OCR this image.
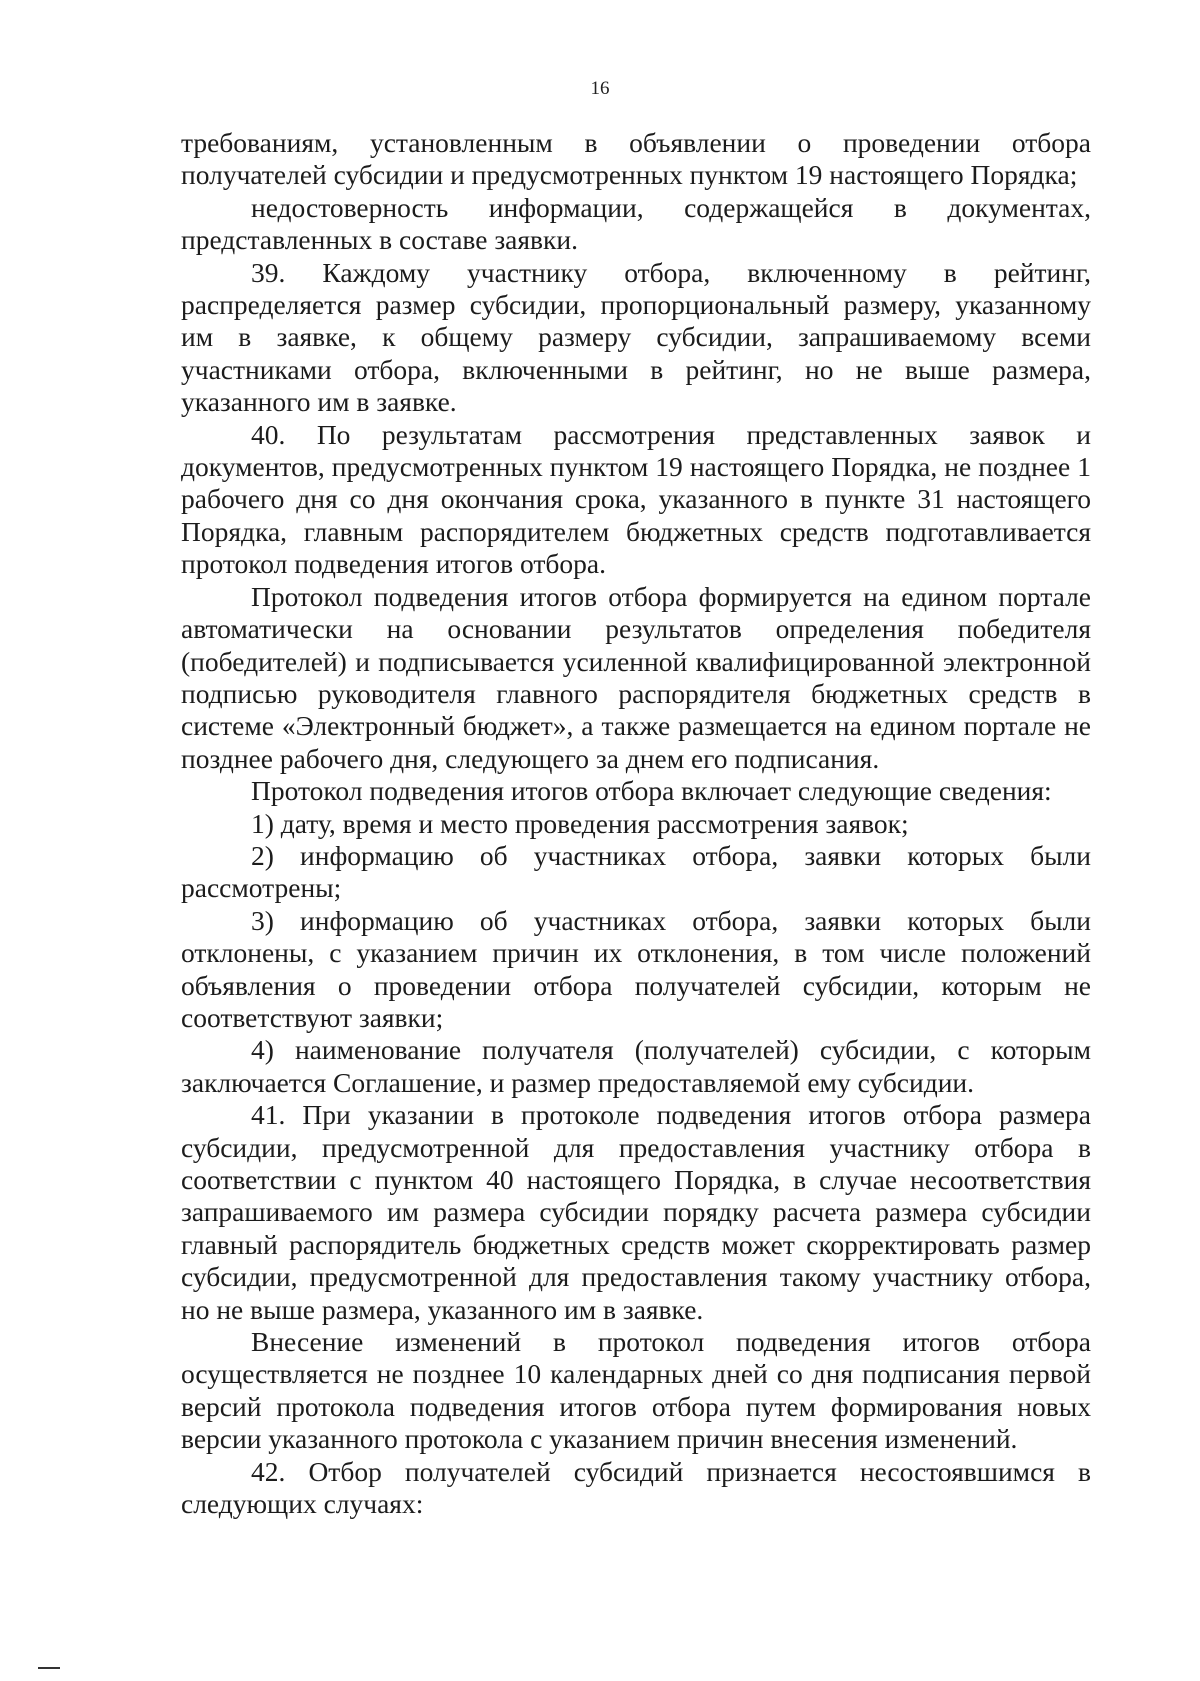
16

требованиям, установленным в объявлении о проведении отбора получателей субсидии и предусмотренных пунктом 19 настоящего Порядка;

недостоверность информации, содержащейся в документах, представленных в составе заявки.

39. Каждому участнику отбора, включенному в рейтинг, распределяется размер субсидии, пропорциональный размеру, указанному им в заявке, к общему размеру субсидии, запрашиваемому всеми участниками отбора, включенными в рейтинг, но не выше размера, указанного им в заявке.

40. По результатам рассмотрения представленных заявок и документов, предусмотренных пунктом 19 настоящего Порядка, не позднее 1 рабочего дня со дня окончания срока, указанного в пункте 31 настоящего Порядка, главным распорядителем бюджетных средств подготавливается протокол подведения итогов отбора.

Протокол подведения итогов отбора формируется на едином портале автоматически на основании результатов определения победителя (победителей) и подписывается усиленной квалифицированной электронной подписью руководителя главного распорядителя бюджетных средств в системе «Электронный бюджет», а также размещается на едином портале не позднее рабочего дня, следующего за днем его подписания.

Протокол подведения итогов отбора включает следующие сведения:

1) дату, время и место проведения рассмотрения заявок;

2) информацию об участниках отбора, заявки которых были рассмотрены;

3) информацию об участниках отбора, заявки которых были отклонены, с указанием причин их отклонения, в том числе положений объявления о проведении отбора получателей субсидии, которым не соответствуют заявки;

4) наименование получателя (получателей) субсидии, с которым заключается Соглашение, и размер предоставляемой ему субсидии.

41. При указании в протоколе подведения итогов отбора размера субсидии, предусмотренной для предоставления участнику отбора в соответствии с пунктом 40 настоящего Порядка, в случае несоответствия запрашиваемого им размера субсидии порядку расчета размера субсидии главный распорядитель бюджетных средств может скорректировать размер субсидии, предусмотренной для предоставления такому участнику отбора, но не выше размера, указанного им в заявке.

Внесение изменений в протокол подведения итогов отбора осуществляется не позднее 10 календарных дней со дня подписания первой версий протокола подведения итогов отбора путем формирования новых версии указанного протокола с указанием причин внесения изменений.

42. Отбор получателей субсидий признается несостоявшимся в следующих случаях:
